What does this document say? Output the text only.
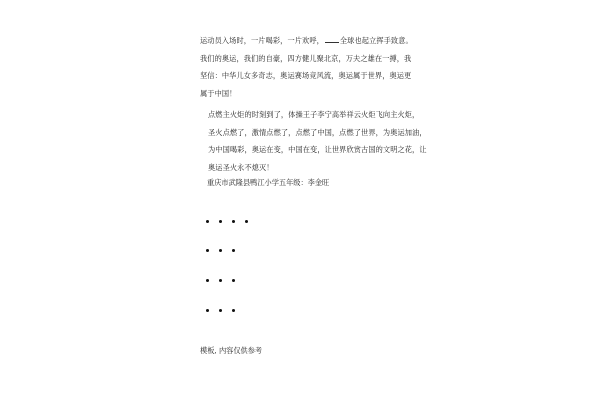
运动员入场时，一片喝彩，一片欢呼， 全球也起立挥手致意。
我们的奥运，我们的自豪，四方健儿聚北京，万夫之雄在一搏，我
坚信：中华儿女多奇志，奥运赛场竞风流，奥运属于世界，奥运更
属于中国！
点燃主火炬的时刻到了，体操王子李宁高举祥云火炬飞向主火炬，
圣火点燃了，激情点燃了，点燃了中国，点燃了世界，为奥运加油，
为中国喝彩，奥运在变，中国在变，让世界欣赏古国的文明之花，让
奥运圣火永不熄灭！
重庆市武隆县鸭江小学五年级：李金旺
模板, 内容仅供参考
